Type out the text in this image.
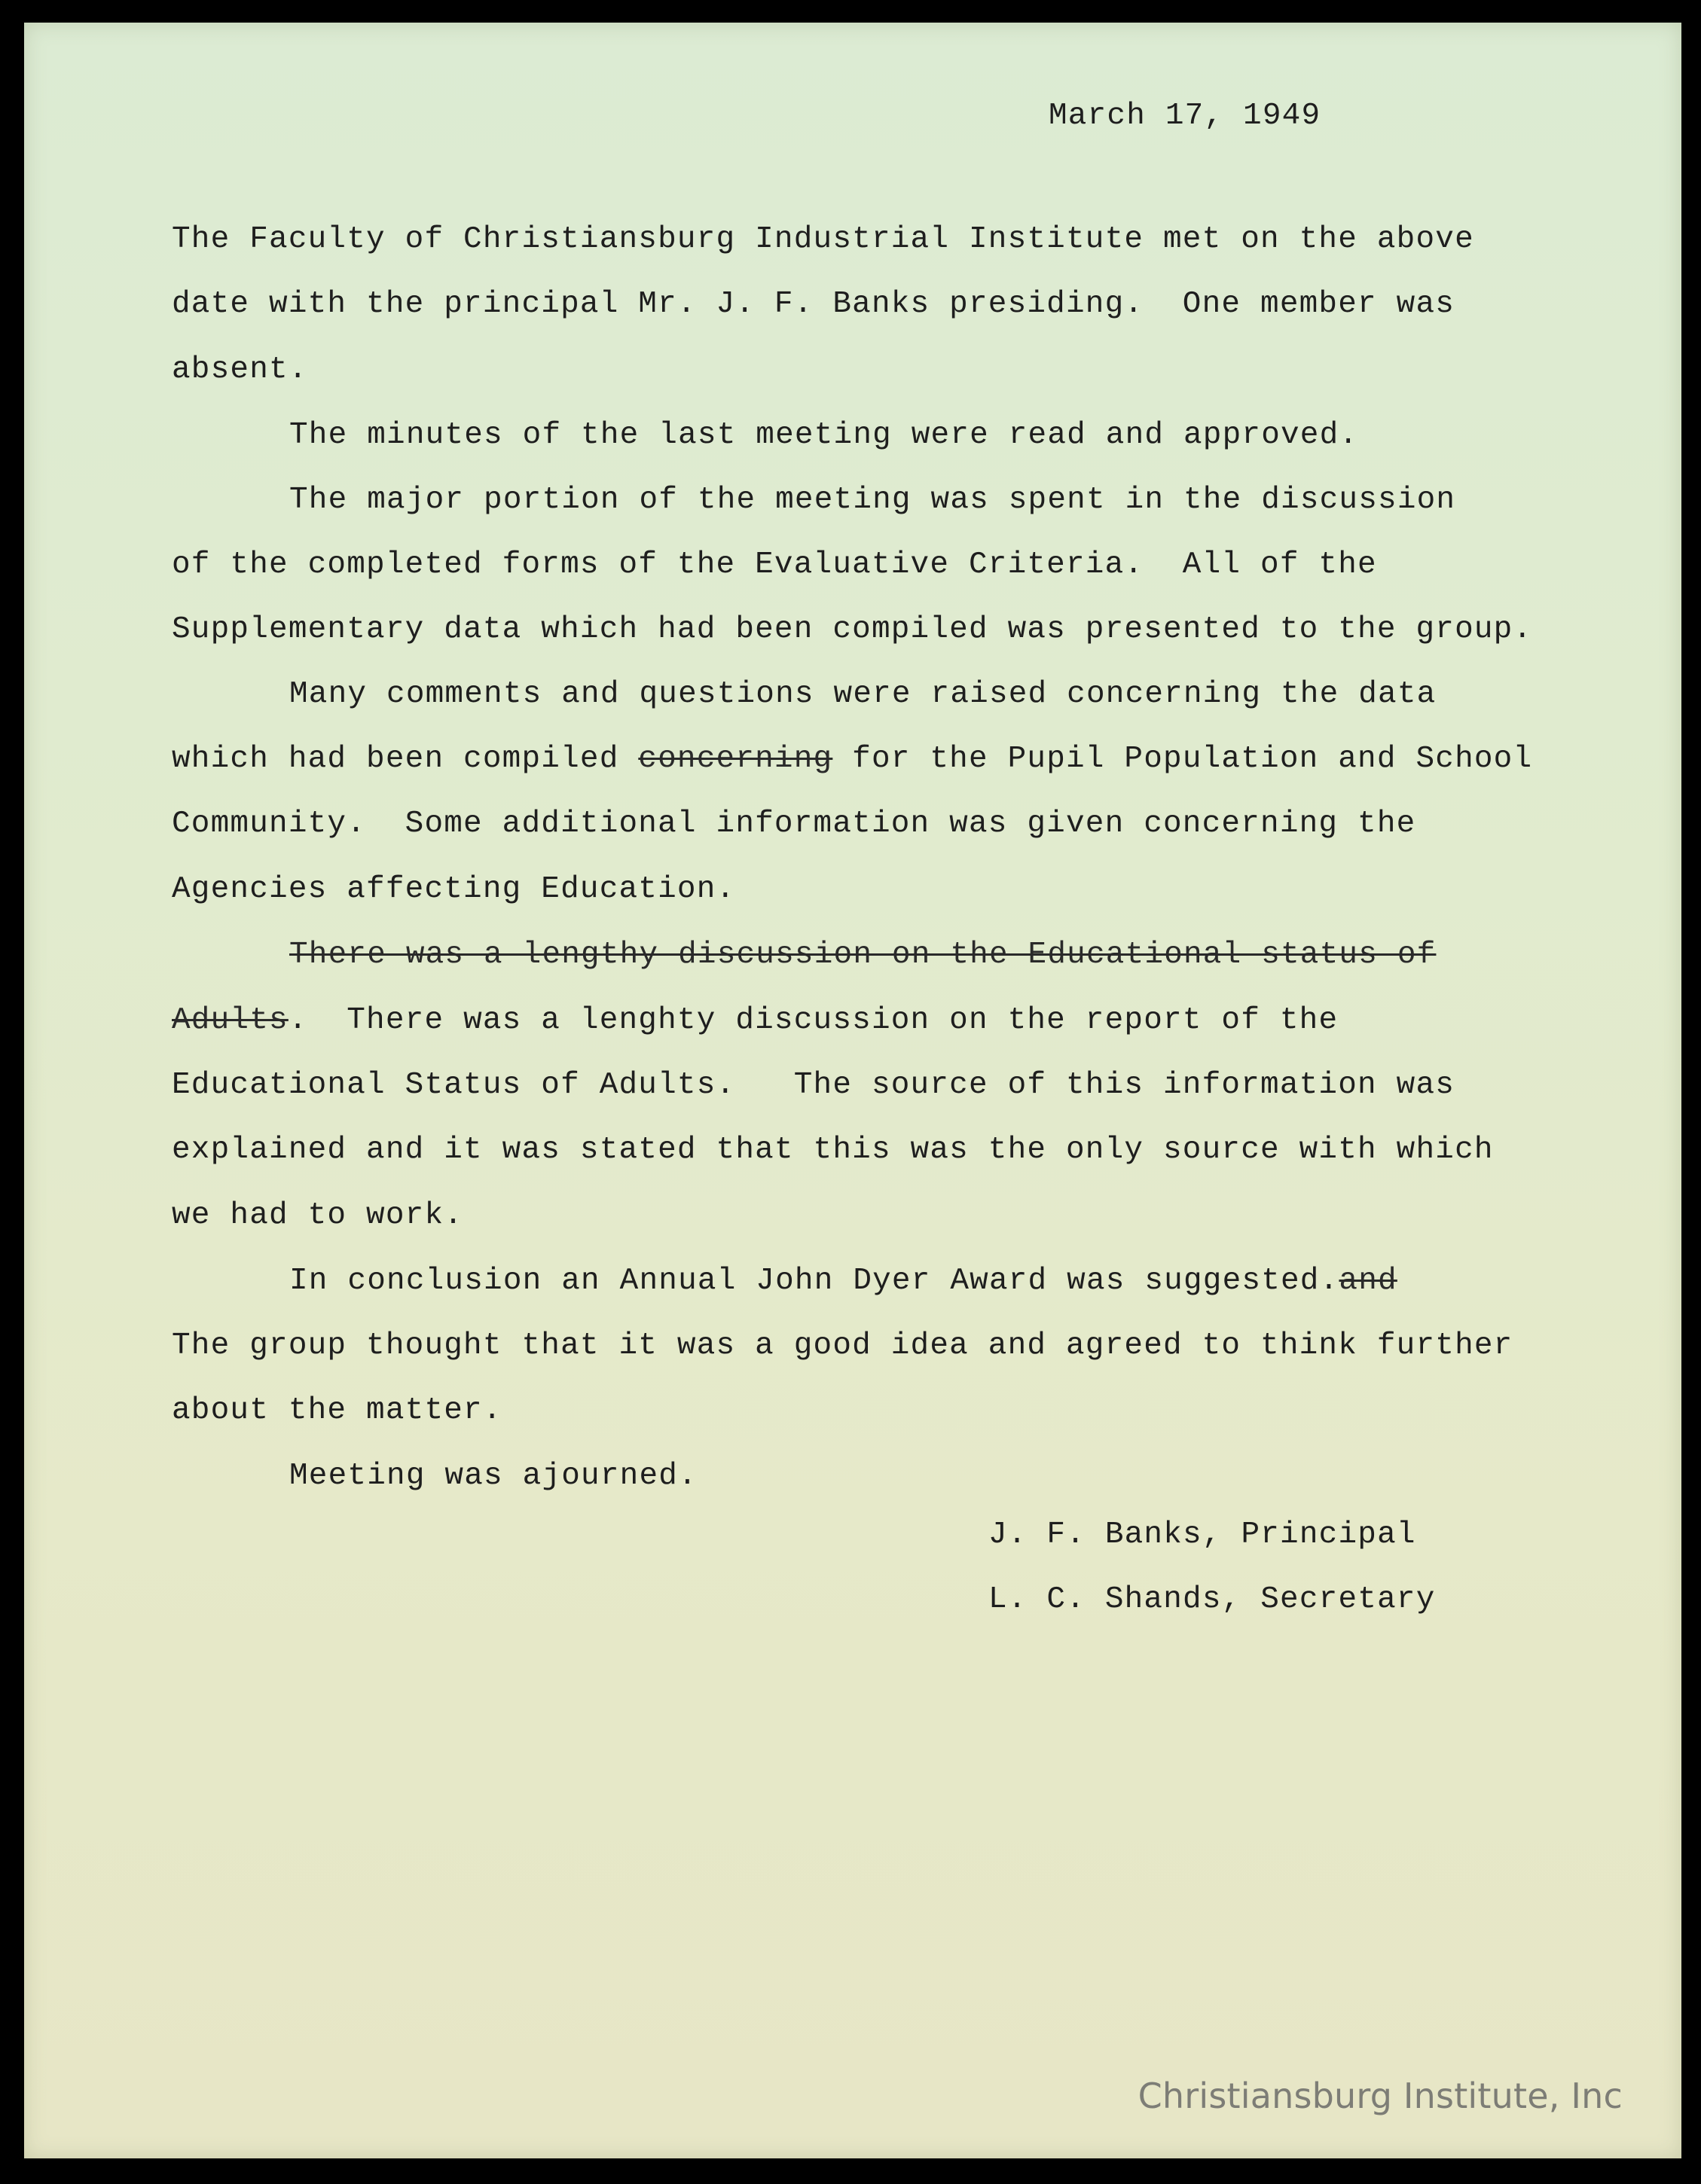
March 17, 1949
The Faculty of Christiansburg Industrial Institute met on the above
date with the principal Mr. J. F. Banks presiding.  One member was
absent.
The minutes of the last meeting were read and approved.
The major portion of the meeting was spent in the discussion
of the completed forms of the Evaluative Criteria.  All of the
Supplementary data which had been compiled was presented to the group.
Many comments and questions were raised concerning the data
which had been compiled concerning for the Pupil Population and School
Community.  Some additional information was given concerning the
Agencies affecting Education.
There was a lengthy discussion on the Educational status of
Adults.  There was a lenghty discussion on the report of the
Educational Status of Adults.   The source of this information was
explained and it was stated that this was the only source with which
we had to work.
In conclusion an Annual John Dyer Award was suggested.and
The group thought that it was a good idea and agreed to think further
about the matter.
Meeting was ajourned.
J. F. Banks, Principal
L. C. Shands, Secretary
Christiansburg Institute, Inc
